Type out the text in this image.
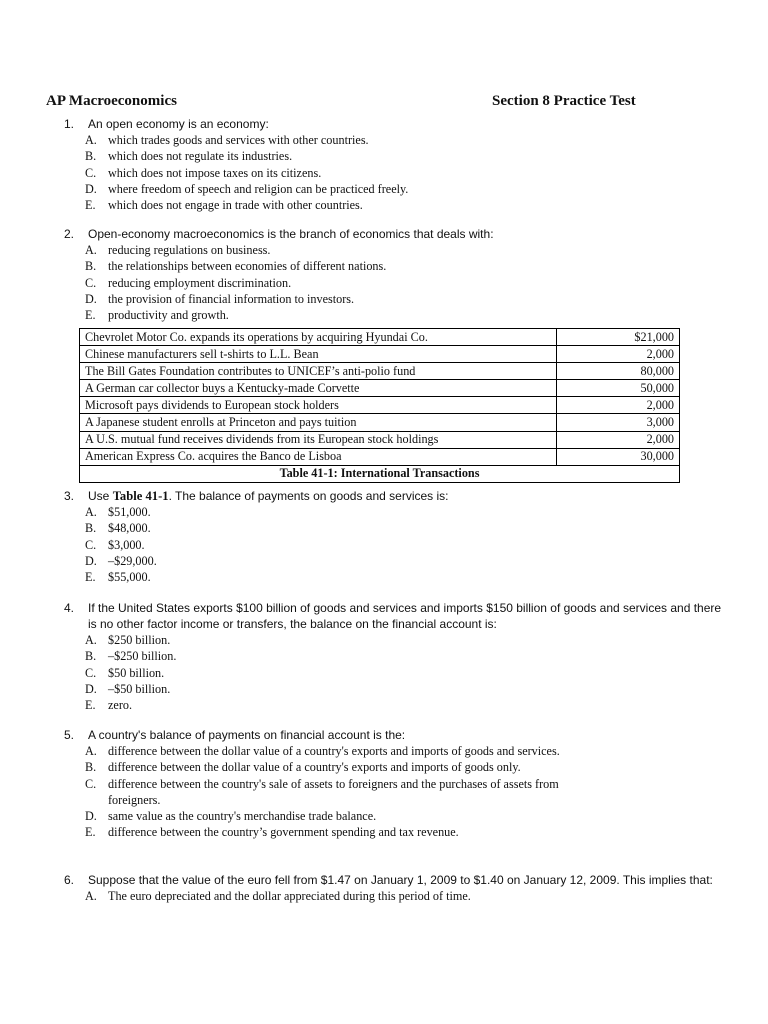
AP Macroeconomics	Section 8 Practice Test
1. An open economy is an economy:
A. which trades goods and services with other countries.
B. which does not regulate its industries.
C. which does not impose taxes on its citizens.
D. where freedom of speech and religion can be practiced freely.
E. which does not engage in trade with other countries.
2. Open-economy macroeconomics is the branch of economics that deals with:
A. reducing regulations on business.
B. the relationships between economies of different nations.
C. reducing employment discrimination.
D. the provision of financial information to investors.
E. productivity and growth.
Chevrolet Motor Co. expands its operations by acquiring Hyundai Co.	$21,000
Chinese manufacturers sell t-shirts to L.L. Bean	2,000
The Bill Gates Foundation contributes to UNICEF’s anti-polio fund	80,000
A German car collector buys a Kentucky-made Corvette	50,000
Microsoft pays dividends to European stock holders	2,000
A Japanese student enrolls at Princeton and pays tuition	3,000
A U.S. mutual fund receives dividends from its European stock holdings	2,000
American Express Co. acquires the Banco de Lisboa	30,000
Table 41-1: International Transactions	
3. Use Table 41-1. The balance of payments on goods and services is:
A. $51,000.
B. $48,000.
C. $3,000.
D. –$29,000.
E. $55,000.
4. If the United States exports $100 billion of goods and services and imports $150 billion of goods and services and there is no other factor income or transfers, the balance on the financial account is:
A. $250 billion.
B. –$250 billion.
C. $50 billion.
D. –$50 billion.
E. zero.
5. A country's balance of payments on financial account is the:
A. difference between the dollar value of a country's exports and imports of goods and services.
B. difference between the dollar value of a country's exports and imports of goods only.
C. difference between the country's sale of assets to foreigners and the purchases of assets from foreigners.
D. same value as the country's merchandise trade balance.
E. difference between the country’s government spending and tax revenue.
6. Suppose that the value of the euro fell from $1.47 on January 1, 2009 to $1.40 on January 12, 2009. This implies that:
A. The euro depreciated and the dollar appreciated during this period of time.
